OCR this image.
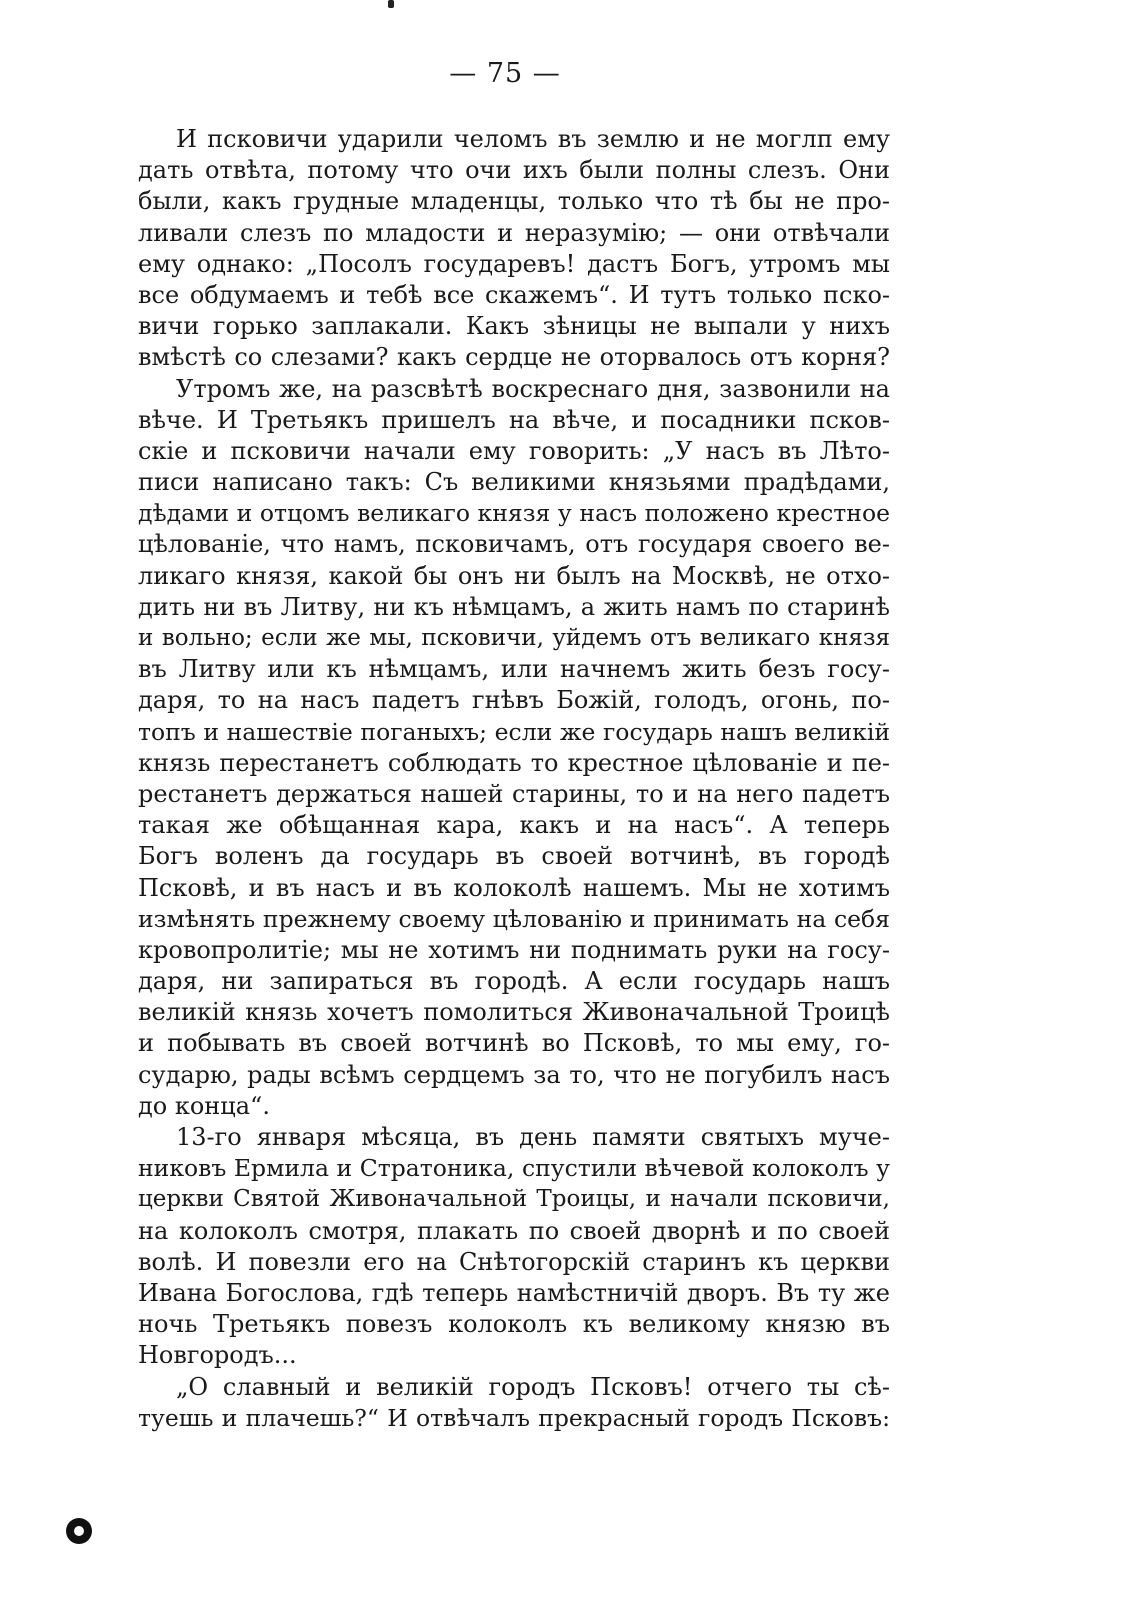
— 75 —
И псковичи ударили челомъ въ землю и не моглп ему
дать отвѣта, потому что очи ихъ были полны слезъ. Они
были, какъ грудные младенцы, только что тѣ бы не про-
ливали слезъ по младости и неразумію; — они отвѣчали
ему однако: „Посолъ государевъ! дастъ Богъ, утромъ мы
все обдумаемъ и тебѣ все скажемъ“. И тутъ только пско-
вичи горько заплакали. Какъ зѣницы не выпали у нихъ
вмѣстѣ со слезами? какъ сердце не оторвалось отъ корня?
Утромъ же, на разсвѣтѣ воскреснаго дня, зазвонили на
вѣче. И Третьякъ пришелъ на вѣче, и посадники псков-
скіе и псковичи начали ему говорить: „У насъ въ Лѣто-
писи написано такъ: Съ великими князьями прадѣдами,
дѣдами и отцомъ великаго князя у насъ положено крестное
цѣлованіе, что намъ, псковичамъ, отъ государя своего ве-
ликаго князя, какой бы онъ ни былъ на Москвѣ, не отхо-
дить ни въ Литву, ни къ нѣмцамъ, а жить намъ по старинѣ
и вольно; если же мы, псковичи, уйдемъ отъ великаго князя
въ Литву или къ нѣмцамъ, или начнемъ жить безъ госу-
даря, то на насъ падетъ гнѣвъ Божій, голодъ, огонь, по-
топъ и нашествіе поганыхъ; если же государь нашъ великій
князь перестанетъ соблюдать то крестное цѣлованіе и пе-
рестанетъ держаться нашей старины, то и на него падетъ
такая же обѣщанная кара, какъ и на насъ“. А теперь
Богъ воленъ да государь въ своей вотчинѣ, въ городѣ
Псковѣ, и въ насъ и въ колоколѣ нашемъ. Мы не хотимъ
измѣнять прежнему своему цѣлованію и принимать на себя
кровопролитіе; мы не хотимъ ни поднимать руки на госу-
даря, ни запираться въ городѣ. А если государь нашъ
великій князь хочетъ помолиться Живоначальной Троицѣ
и побывать въ своей вотчинѣ во Псковѣ, то мы ему, го-
сударю, рады всѣмъ сердцемъ за то, что не погубилъ насъ
до конца“.
13-го января мѣсяца, въ день памяти святыхъ муче-
никовъ Ермила и Стратоника, спустили вѣчевой колоколъ у
церкви Святой Живоначальной Троицы, и начали псковичи,
на колоколъ смотря, плакать по своей дворнѣ и по своей
волѣ. И повезли его на Снѣтогорскій старинъ къ церкви
Ивана Богослова, гдѣ теперь намѣстничій дворъ. Въ ту же
ночь Третьякъ повезъ колоколъ къ великому князю въ
Новгородъ...
„О славный и великій городъ Псковъ! отчего ты сѣ-
туешь и плачешь?“ И отвѣчалъ прекрасный городъ Псковъ:
